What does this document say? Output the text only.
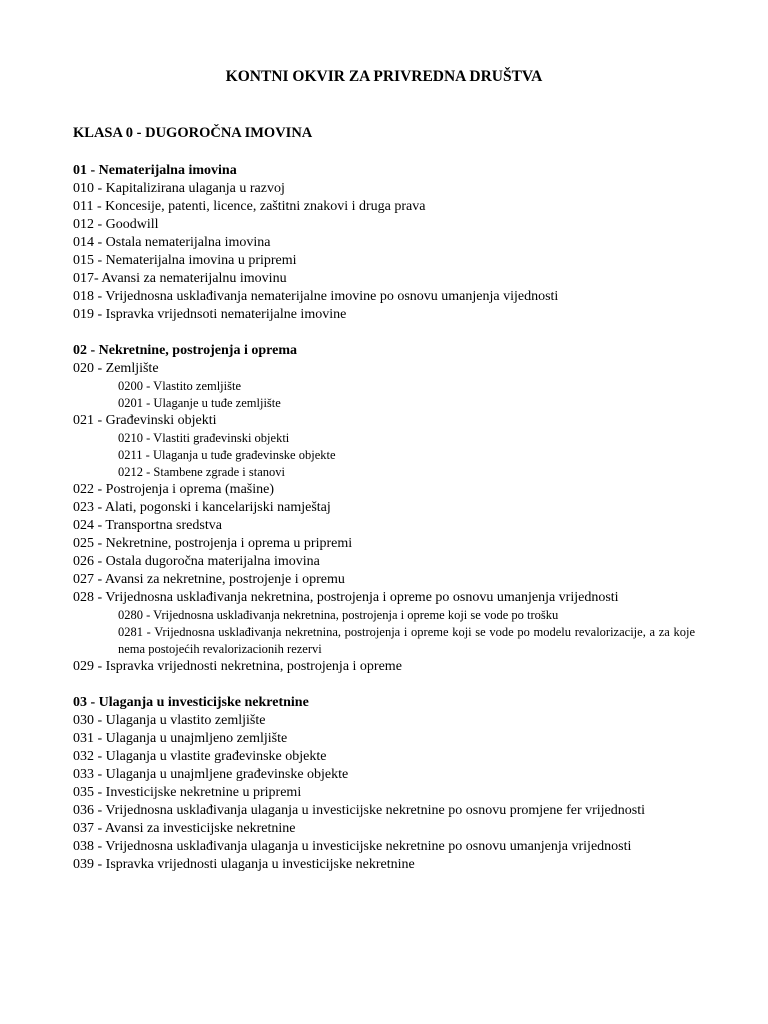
KONTNI OKVIR ZA PRIVREDNA DRUŠTVA
KLASA 0 - DUGOROČNA IMOVINA
01 - Nematerijalna imovina
010 - Kapitalizirana ulaganja u razvoj
011 - Koncesije, patenti, licence, zaštitni znakovi i druga prava
012 - Goodwill
014 - Ostala nematerijalna imovina
015 - Nematerijalna imovina u pripremi
017- Avansi za nematerijalnu imovinu
018 - Vrijednosna usklađivanja nematerijalne imovine po osnovu umanjenja vijednosti
019 - Ispravka vrijednsoti nematerijalne imovine
02 - Nekretnine, postrojenja i oprema
020 - Zemljište
0200 - Vlastito zemljište
0201 - Ulaganje u tuđe zemljište
021 - Građevinski objekti
0210 - Vlastiti građevinski objekti
0211 - Ulaganja u tuđe građevinske objekte
0212 - Stambene zgrade i stanovi
022 - Postrojenja i oprema (mašine)
023 - Alati, pogonski i kancelarijski namještaj
024 - Transportna sredstva
025 - Nekretnine, postrojenja i oprema u pripremi
026 - Ostala dugoročna materijalna imovina
027 - Avansi za nekretnine, postrojenje i opremu
028 - Vrijednosna usklađivanja nekretnina, postrojenja i opreme po osnovu umanjenja vrijednosti
0280 - Vrijednosna usklađivanja nekretnina, postrojenja i opreme koji se vode po trošku
0281 - Vrijednosna usklađivanja nekretnina, postrojenja i opreme koji se vode po modelu revalorizacije, a za koje nema postojećih revalorizacionih rezervi
029 - Ispravka vrijednosti nekretnina, postrojenja i opreme
03 - Ulaganja u investicijske nekretnine
030 - Ulaganja u vlastito zemljište
031 - Ulaganja u unajmljeno zemljište
032 - Ulaganja u vlastite građevinske objekte
033 - Ulaganja u unajmljene građevinske objekte
035 - Investicijske nekretnine u pripremi
036 - Vrijednosna usklađivanja ulaganja u investicijske nekretnine po osnovu promjene fer vrijednosti
037 - Avansi za investicijske nekretnine
038 - Vrijednosna usklađivanja ulaganja u investicijske nekretnine po osnovu umanjenja vrijednosti
039 - Ispravka vrijednosti ulaganja u investicijske nekretnine
